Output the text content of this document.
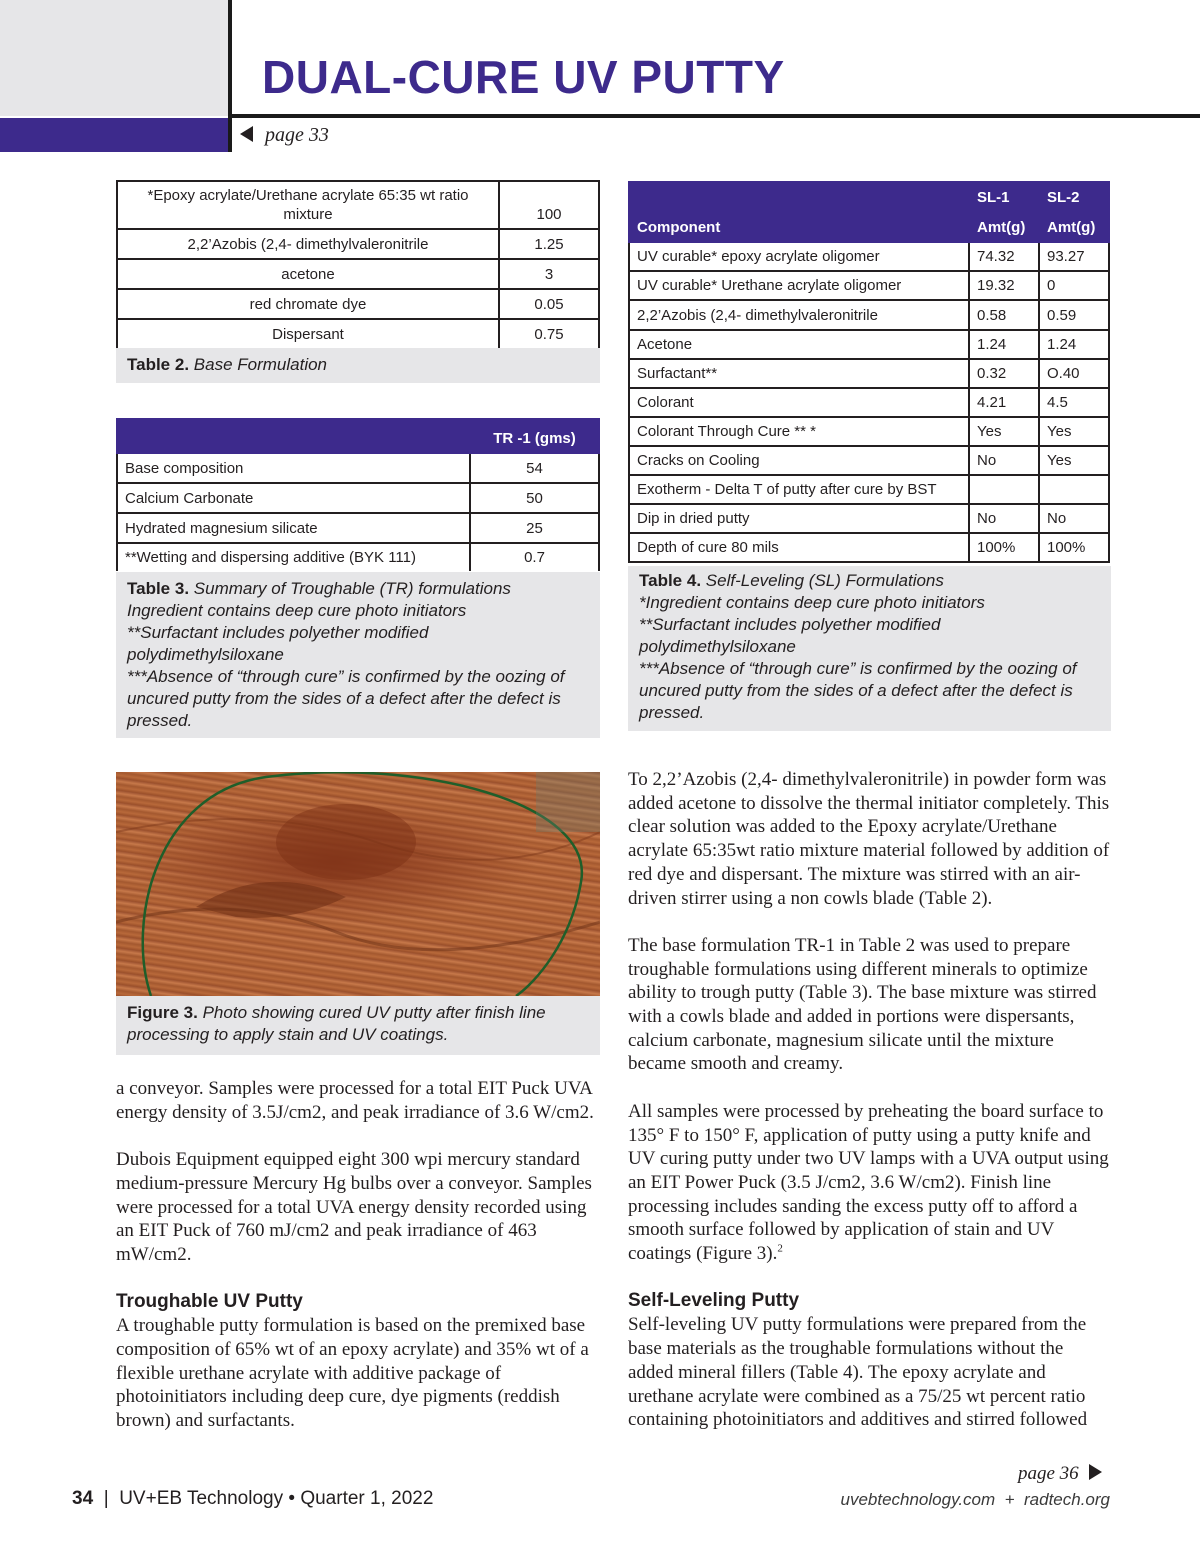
DUAL-CURE UV PUTTY
page 33
*Epoxy acrylate/Urethane acrylate 65:35 wt ratio mixture	100
2,2’Azobis (2,4- dimethylvaleronitrile	1.25
acetone	3
red chromate dye	0.05
Dispersant	0.75
Table 2. Base Formulation
	TR -1 (gms)
Base composition	54
Calcium Carbonate	50
Hydrated magnesium silicate	25
**Wetting and dispersing additive (BYK 111)	0.7
Table 3. Summary of Troughable (TR) formulations
Ingredient contains deep cure photo initiators
**Surfactant includes polyether modified polydimethylsiloxane
***Absence of “through cure” is confirmed by the oozing of uncured putty from the sides of a defect after the defect is pressed.
	SL-1	SL-2
Component	Amt(g)	Amt(g)
UV curable* epoxy acrylate oligomer	74.32	93.27
UV curable* Urethane acrylate oligomer	19.32	0
2,2’Azobis (2,4- dimethylvaleronitrile	0.58	0.59
Acetone	1.24	1.24
Surfactant**	0.32	O.40
Colorant	4.21	4.5
Colorant Through Cure ** *	Yes	Yes
Cracks on Cooling	No	Yes
Exotherm - Delta T of putty after cure by BST		
Dip in dried putty	No	No
Depth of cure 80 mils	100%	100%
Table 4. Self-Leveling (SL) Formulations
*Ingredient contains deep cure photo initiators
**Surfactant includes polyether modified polydimethylsiloxane
***Absence of “through cure” is confirmed by the oozing of uncured putty from the sides of a defect after the defect is pressed.
Figure 3. Photo showing cured UV putty after finish line processing to apply stain and UV coatings.

a conveyor. Samples were processed for a total EIT Puck UVA energy density of 3.5J/cm2, and peak irradiance of 3.6 W/cm2.

Dubois Equipment equipped eight 300 wpi mercury standard medium-pressure Mercury Hg bulbs over a conveyor. Samples were processed for a total UVA energy density recorded using an EIT Puck of 760 mJ/cm2 and peak irradiance of 463 mW/cm2.

Troughable UV Putty

A troughable putty formulation is based on the premixed base composition of 65% wt of an epoxy acrylate) and 35% wt of a flexible urethane acrylate with additive package of photoinitiators including deep cure, dye pigments (reddish brown) and surfactants.

To 2,2’Azobis (2,4- dimethylvaleronitrile) in powder form was added acetone to dissolve the thermal initiator completely. This clear solution was added to the Epoxy acrylate/Urethane acrylate 65:35wt ratio mixture material followed by addition of red dye and dispersant. The mixture was stirred with an air-driven stirrer using a non cowls blade (Table 2).

The base formulation TR-1 in Table 2 was used to prepare troughable formulations using different minerals to optimize ability to trough putty (Table 3). The base mixture was stirred with a cowls blade and added in portions were dispersants, calcium carbonate, magnesium silicate until the mixture became smooth and creamy.

All samples were processed by preheating the board surface to 135° F to 150° F, application of putty using a putty knife and UV curing putty under two UV lamps with a UVA output using an EIT Power Puck (3.5 J/cm2, 3.6 W/cm2). Finish line processing includes sanding the excess putty off to afford a smooth surface followed by application of stain and UV coatings (Figure 3).$^2$

Self-Leveling Putty

Self-leveling UV putty formulations were prepared from the base materials as the troughable formulations without the added mineral fillers (Table 4). The epoxy acrylate and urethane acrylate were combined as a 75/25 wt percent ratio containing photoinitiators and additives and stirred followed

page 36
34  |  UV+EB Technology • Quarter 1, 2022	uvebtechnology.com + radtech.org
